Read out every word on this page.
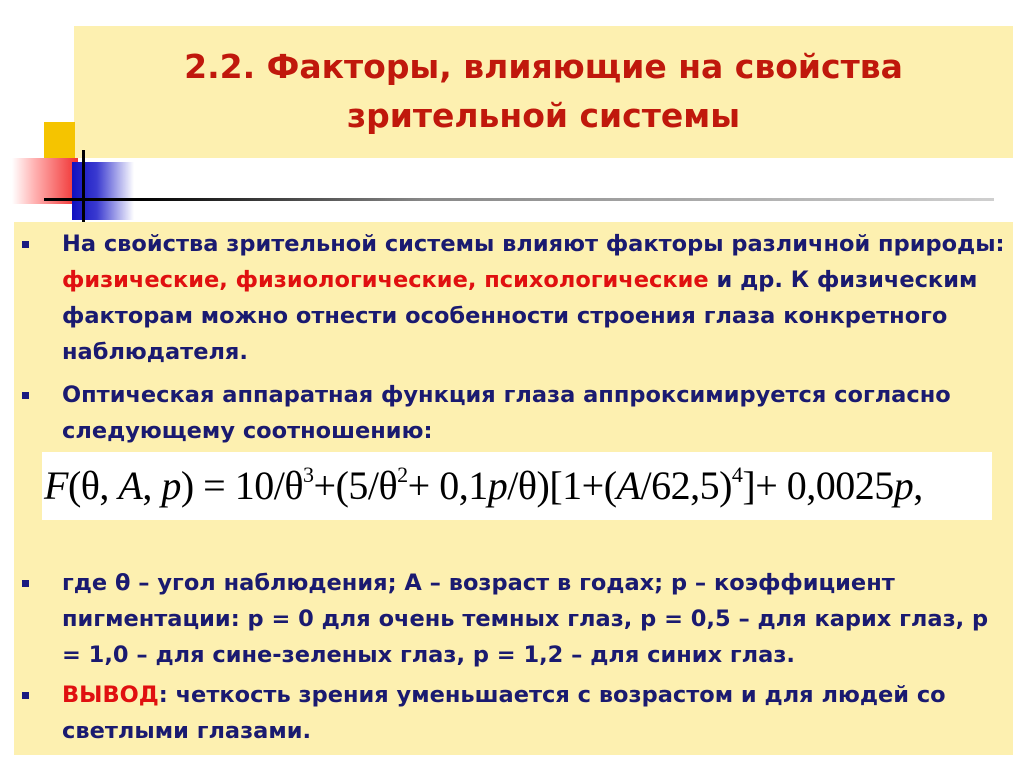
2.2. Факторы, влияющие на свойства
зрительной системы
На свойства зрительной системы влияют факторы различной природы: физические, физиологические, психологические и др. К физическим факторам можно отнести особенности строения глаза конкретного наблюдателя.
Оптическая аппаратная функция глаза аппроксимируется согласно следующему соотношению:
где θ – угол наблюдения; А – возраст в годах; р – коэффициент пигментации: р = 0 для очень темных глаз, р = 0,5 – для карих глаз, р = 1,0 – для сине-зеленых глаз, р = 1,2 – для синих глаз.
ВЫВОД: четкость зрения уменьшается с возрастом и для людей со светлыми глазами.
F(θ, A, $p) = 10/\theta^3+(5/\theta^2+ 0,1p/\theta)[1+(A/62,5)^4]+ 0,0025p$,
